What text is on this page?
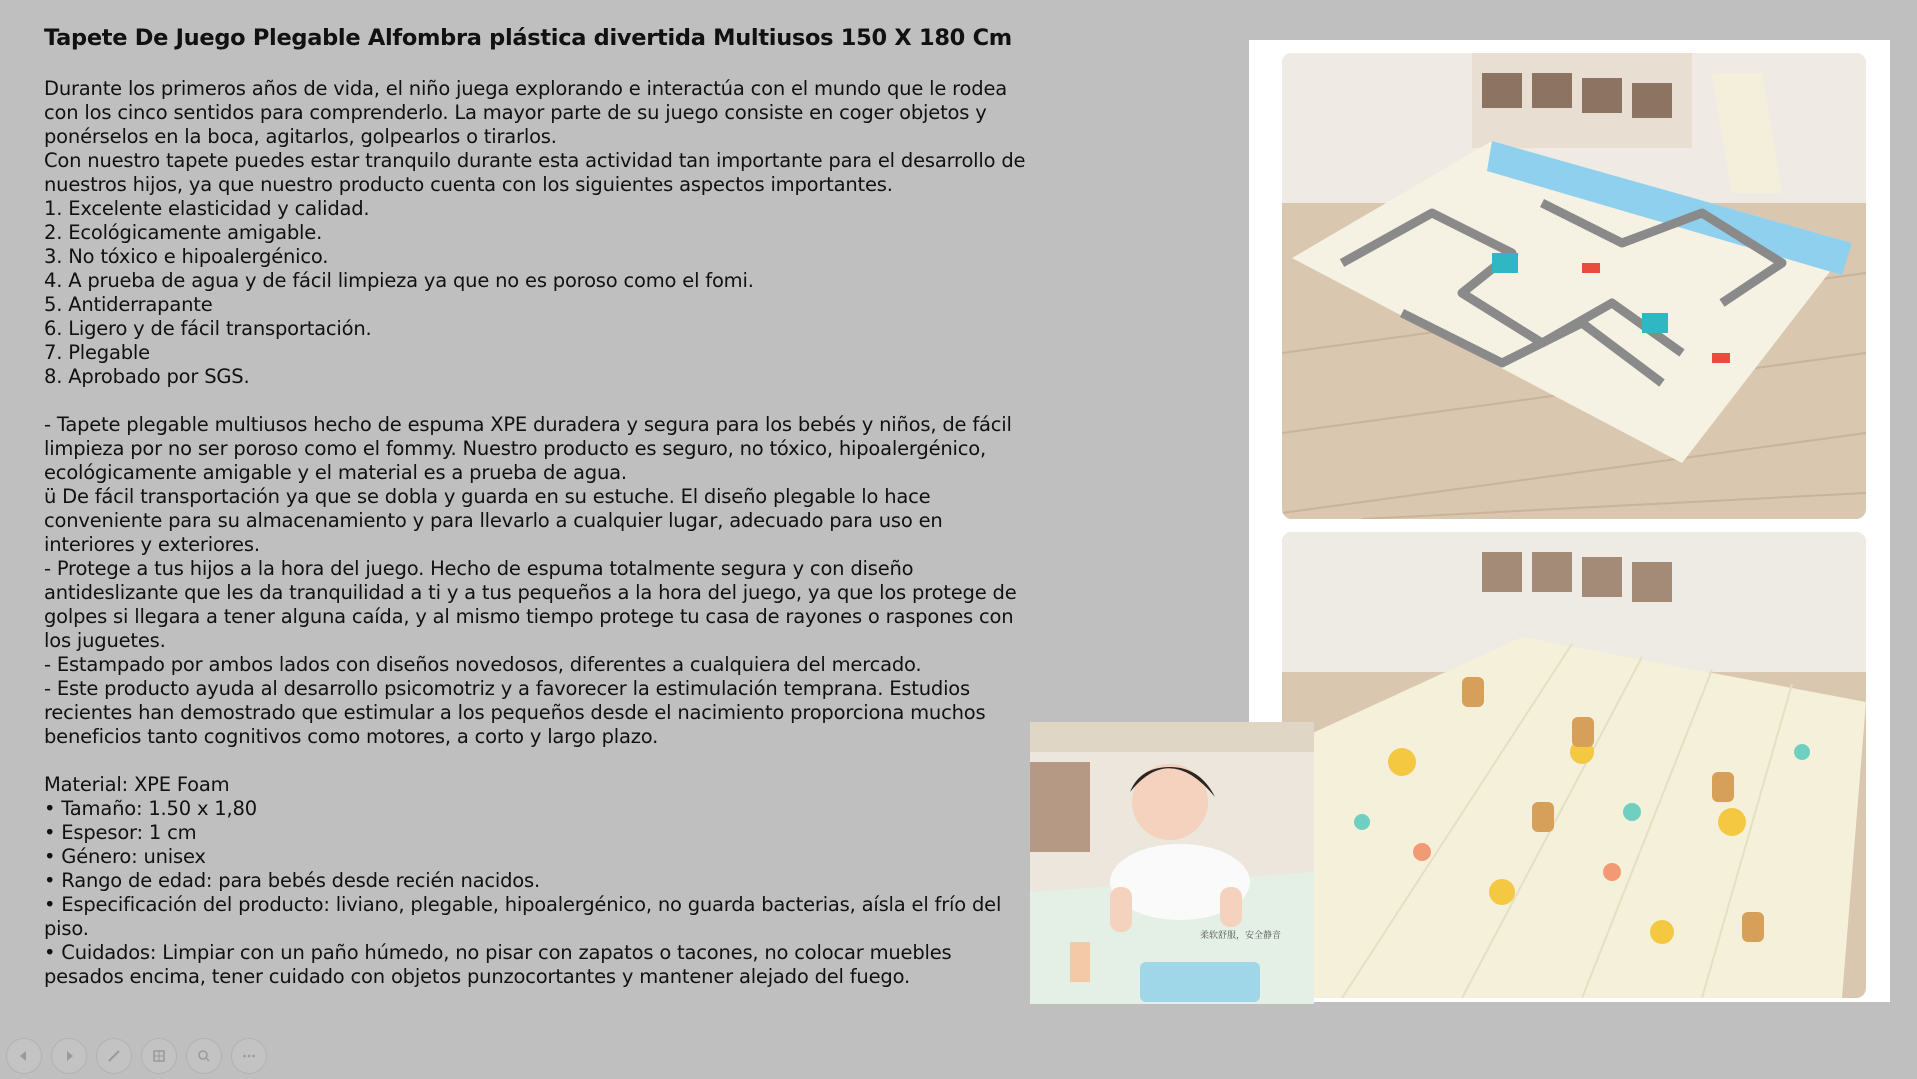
Tapete De Juego Plegable Alfombra plástica divertida Multiusos 150 X 180 Cm
Durante los primeros años de vida, el niño juega explorando e interactúa con el mundo que le rodea con los cinco sentidos para comprenderlo. La mayor parte de su juego consiste en coger objetos y ponérselos en la boca, agitarlos, golpearlos o tirarlos.
Con nuestro tapete puedes estar tranquilo durante esta actividad tan importante para el desarrollo de nuestros hijos, ya que nuestro producto cuenta con los siguientes aspectos importantes.
1. Excelente elasticidad y calidad.
2. Ecológicamente amigable.
3. No tóxico e hipoalergénico.
4. A prueba de agua y de fácil limpieza ya que no es poroso como el fomi.
5. Antiderrapante
6. Ligero y de fácil transportación.
7. Plegable
8. Aprobado por SGS.
- Tapete plegable multiusos hecho de espuma XPE duradera y segura para los bebés y niños, de fácil limpieza por no ser poroso como el fommy. Nuestro producto es seguro, no tóxico, hipoalergénico, ecológicamente amigable y el material es a prueba de agua.
ü De fácil transportación ya que se dobla y guarda en su estuche. El diseño plegable lo hace conveniente para su almacenamiento y para llevarlo a cualquier lugar, adecuado para uso en interiores y exteriores.
- Protege a tus hijos a la hora del juego. Hecho de espuma totalmente segura y con diseño antideslizante que les da tranquilidad a ti y a tus pequeños a la hora del juego, ya que los protege de golpes si llegara a tener alguna caída, y al mismo tiempo protege tu casa de rayones o raspones con los juguetes.
- Estampado por ambos lados con diseños novedosos, diferentes a cualquiera del mercado.
- Este producto ayuda al desarrollo psicomotriz y a favorecer la estimulación temprana. Estudios recientes han demostrado que estimular a los pequeños desde el nacimiento proporciona muchos beneficios tanto cognitivos como motores, a corto y largo plazo.
Material: XPE Foam
• Tamaño: 1.50 x 1,80
• Espesor: 1 cm
• Género: unisex
• Rango de edad: para bebés desde recién nacidos.
• Especificación del producto: liviano, plegable, hipoalergénico, no guarda bacterias, aísla el frío del piso.
• Cuidados: Limpiar con un paño húmedo, no pisar con zapatos o tacones, no colocar muebles pesados encima, tener cuidado con objetos punzocortantes y mantener alejado del fuego.
柔软舒服，安全静音
